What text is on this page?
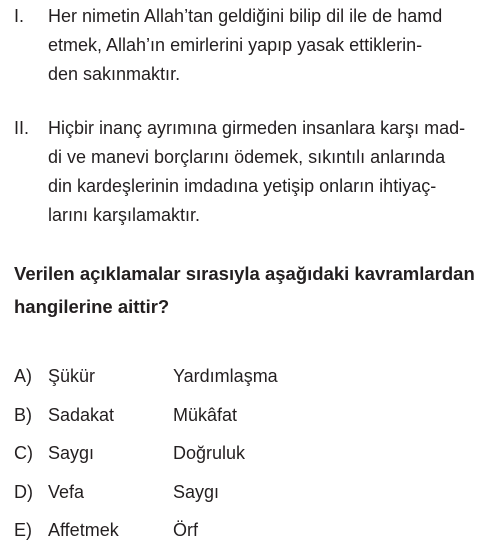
I.	Her nimetin Allah’tan geldiğini bilip dil ile de hamd
etmek, Allah’ın emirlerini yapıp yasak ettiklerin-
den sakınmaktır.
II.	Hiçbir inanç ayrımına girmeden insanlara karşı mad-
di ve manevi borçlarını ödemek, sıkıntılı anlarında
din kardeşlerinin imdadına yetişip onların ihtiyaç-
larını karşılamaktır.
Verilen açıklamalar sırasıyla aşağıdaki kavramlardan
hangilerine aittir?
A) Şükür	Yardımlaşma
B) Sadakat	Mükâfat
C) Saygı	Doğruluk
D) Vefa	Saygı
E) Affetmek	Örf
